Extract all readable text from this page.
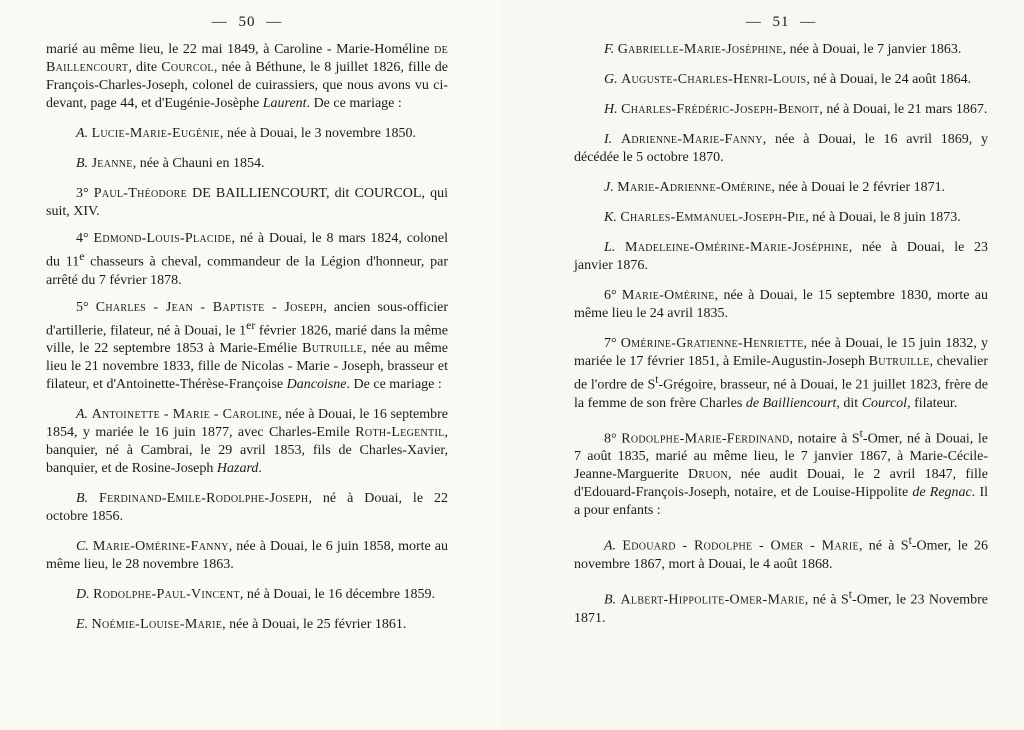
— 50 —

marié au même lieu, le 22 mai 1849, à Caroline - Marie-Homéline de Baillencourt, dite Courcol, née à Béthune, le 8 juillet 1826, fille de François-Charles-Joseph, colonel de cuirassiers, que nous avons vu ci-devant, page 44, et d'Eugénie-Josèphe Laurent. De ce mariage :

A. Lucie-Marie-Eugénie, née à Douai, le 3 novembre 1850.

B. Jeanne, née à Chauni en 1854.

3° Paul-Théodore DE BAILLIENCOURT, dit COURCOL, qui suit, XIV.

4° Edmond-Louis-Placide, né à Douai, le 8 mars 1824, colonel du 11e chasseurs à cheval, commandeur de la Légion d'honneur, par arrêté du 7 février 1878.

5° Charles - Jean - Baptiste - Joseph, ancien sous-officier d'artillerie, filateur, né à Douai, le 1er février 1826, marié dans la même ville, le 22 septembre 1853 à Marie-Emélie Butruille, née au même lieu le 21 novembre 1833, fille de Nicolas - Marie - Joseph, brasseur et filateur, et d'Antoinette-Thérèse-Françoise Dancoisne. De ce mariage :

A. Antoinette - Marie - Caroline, née à Douai, le 16 septembre 1854, y mariée le 16 juin 1877, avec Charles-Emile Roth-Legentil, banquier, né à Cambrai, le 29 avril 1853, fils de Charles-Xavier, banquier, et de Rosine-Joseph Hazard.

B. Ferdinand-Emile-Rodolphe-Joseph, né à Douai, le 22 octobre 1856.

C. Marie-Omérine-Fanny, née à Douai, le 6 juin 1858, morte au même lieu, le 28 novembre 1863.

D. Rodolphe-Paul-Vincent, né à Douai, le 16 décembre 1859.

E. Noémie-Louise-Marie, née à Douai, le 25 février 1861.

— 51 —

F. Gabrielle-Marie-Joséphine, née à Douai, le 7 janvier 1863.

G. Auguste-Charles-Henri-Louis, né à Douai, le 24 août 1864.

H. Charles-Frédéric-Joseph-Benoit, né à Douai, le 21 mars 1867.

I. Adrienne-Marie-Fanny, née à Douai, le 16 avril 1869, y décédée le 5 octobre 1870.

J. Marie-Adrienne-Omérine, née à Douai le 2 février 1871.

K. Charles-Emmanuel-Joseph-Pie, né à Douai, le 8 juin 1873.

L. Madeleine-Omérine-Marie-Joséphine, née à Douai, le 23 janvier 1876.

6° Marie-Omérine, née à Douai, le 15 septembre 1830, morte au même lieu le 24 avril 1835.

7° Omérine-Gratienne-Henriette, née à Douai, le 15 juin 1832, y mariée le 17 février 1851, à Emile-Augustin-Joseph Butruille, chevalier de l'ordre de $S^t$-Grégoire, brasseur, né à Douai, le 21 juillet 1823, frère de la femme de son frère Charles de Bailliencourt, dit Courcol, filateur.

8° Rodolphe-Marie-Ferdinand, notaire à $S^t$-Omer, né à Douai, le 7 août 1835, marié au même lieu, le 7 janvier 1867, à Marie-Cécile-Jeanne-Marguerite Druon, née audit Douai, le 2 avril 1847, fille d'Edouard-François-Joseph, notaire, et de Louise-Hippolite de Regnac. Il a pour enfants :

A. Edouard - Rodolphe - Omer - Marie, né à $S^t$-Omer, le 26 novembre 1867, mort à Douai, le 4 août 1868.

B. Albert-Hippolite-Omer-Marie, né à $S^t$-Omer, le 23 Novembre 1871.
